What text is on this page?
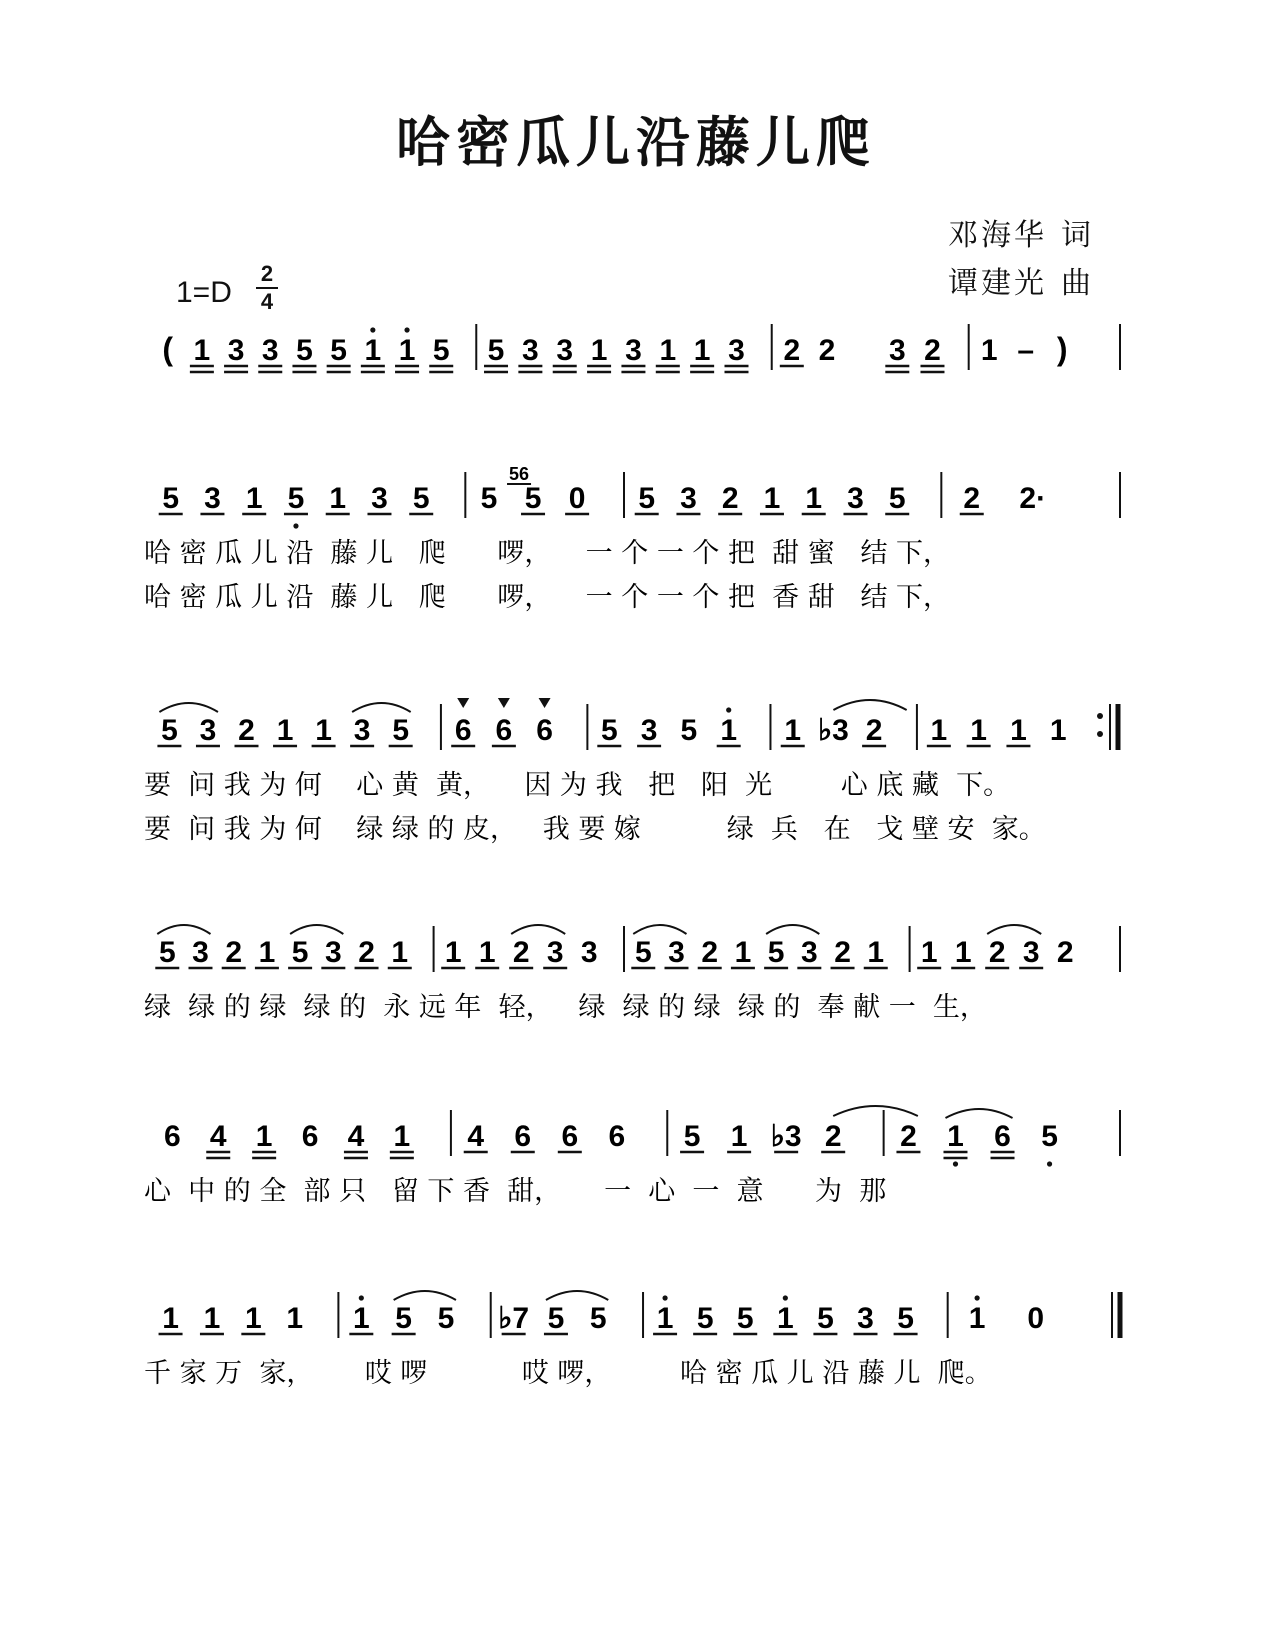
哈密瓜儿沿藤儿爬
邓海华 词
谭建光 曲
1=D
2
4
( 1 3 3 5 5 1 1 5 5 3 3 1 3 1 1 3 2 2 3 2 1 – )
5 3 1 5 1 3 5 5 5
56
0 5 3 2 1 1 3 5 2 2·
哈 密 瓜 儿 沿  藤 儿   爬      啰，    一 个 一 个 把  甜 蜜   结 下，
哈 密 瓜 儿 沿  藤 儿   爬      啰，    一 个 一 个 把  香 甜   结 下，
5 3 2 1 1 3 5 6 6 6 5 3 5 1 1 ♭3 2 1 1 1 1
要  问 我 为 何    心 黄  黄，    因 为 我   把   阳  光        心 底 藏  下。
要  问 我 为 何    绿 绿 的 皮，   我 要 嫁          绿  兵   在   戈 壁 安  家。
5 3 2 1 5 3 2 1 1 1 2 3 3 5 3 2 1 5 3 2 1 1 1 2 3 2
绿  绿 的 绿  绿 的  永 远 年  轻，   绿  绿 的 绿  绿 的  奉 献 一  生，
6 4 1 6 4 1 4 6 6 6 5 1 ♭3 2 2 1 6 5
心  中 的 全  部 只   留 下 香  甜，     一  心  一  意      为  那
1 1 1 1 1 5 5 ♭7 5 5 1 5 5 1 5 3 5 1 0
千 家 万  家，      哎 啰           哎 啰，        哈 密 瓜 儿 沿 藤 儿  爬。
